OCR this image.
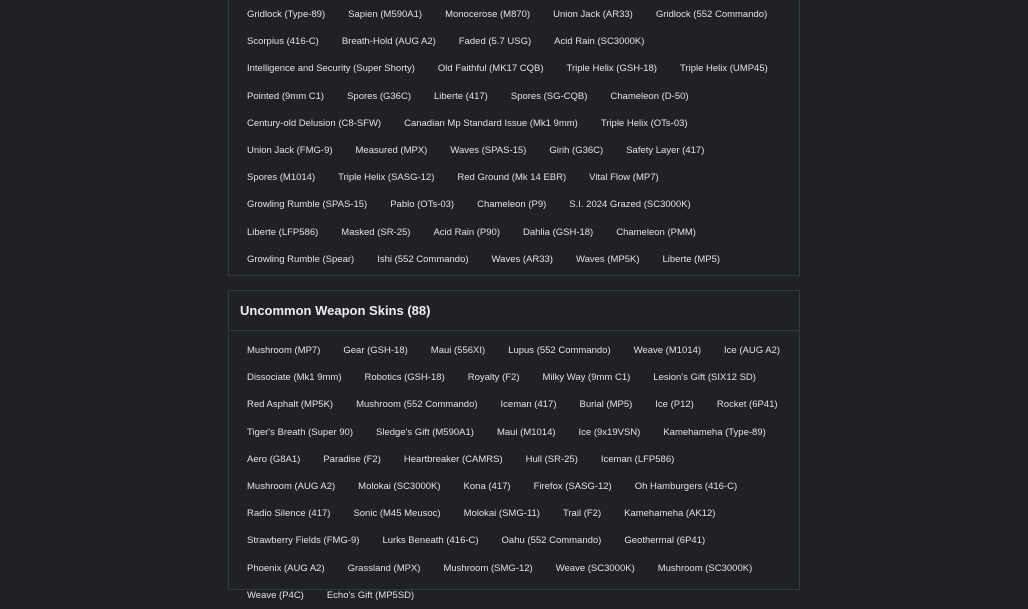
Gridlock (Type-89)	Sapien (M590A1)	Monocerose (M870)	Union Jack (AR33)	Gridlock (552 Commando)
Scorpius (416-C)	Breath-Hold (AUG A2)	Faded (5.7 USG)	Acid Rain (SC3000K)
Intelligence and Security (Super Shorty)	Old Faithful (MK17 CQB)	Triple Helix (GSH-18)	Triple Helix (UMP45)
Pointed (9mm C1)	Spores (G36C)	Liberte (417)	Spores (SG-CQB)	Chameleon (D-50)
Century-old Delusion (C8-SFW)	Canadian Mp Standard Issue (Mk1 9mm)	Triple Helix (OTs-03)
Union Jack (FMG-9)	Measured (MPX)	Waves (SPAS-15)	Girih (G36C)	Safety Layer (417)
Spores (M1014)	Triple Helix (SASG-12)	Red Ground (Mk 14 EBR)	Vital Flow (MP7)
Growling Rumble (SPAS-15)	Pablo (OTs-03)	Chameleon (P9)	S.I. 2024 Grazed (SC3000K)
Liberte (LFP586)	Masked (SR-25)	Acid Rain (P90)	Dahlia (GSH-18)	Chameleon (PMM)
Growling Rumble (Spear)	Ishi (552 Commando)	Waves (AR33)	Waves (MP5K)	Liberte (MP5)
Uncommon Weapon Skins (88)
Mushroom (MP7)	Gear (GSH-18)	Maui (556XI)	Lupus (552 Commando)	Weave (M1014)	Ice (AUG A2)
Dissociate (Mk1 9mm)	Robotics (GSH-18)	Royalty (F2)	Milky Way (9mm C1)	Lesion's Gift (SIX12 SD)
Red Asphalt (MP5K)	Mushroom (552 Commando)	Iceman (417)	Burial (MP5)	Ice (P12)	Rocket (6P41)
Tiger's Breath (Super 90)	Sledge's Gift (M590A1)	Maui (M1014)	Ice (9x19VSN)	Kamehameha (Type-89)
Aero (G8A1)	Paradise (F2)	Heartbreaker (CAMRS)	Hull (SR-25)	Iceman (LFP586)
Mushroom (AUG A2)	Molokai (SC3000K)	Kona (417)	Firefox (SASG-12)	Oh Hamburgers (416-C)
Radio Silence (417)	Sonic (M45 Meusoc)	Molokai (SMG-11)	Trail (F2)	Kamehameha (AK12)
Strawberry Fields (FMG-9)	Lurks Beneath (416-C)	Oahu (552 Commando)	Geothermal (6P41)
Phoenix (AUG A2)	Grassland (MPX)	Mushroom (SMG-12)	Weave (SC3000K)	Mushroom (SC3000K)
Weave (P4C)	Echo's Gift (MP5SD)
